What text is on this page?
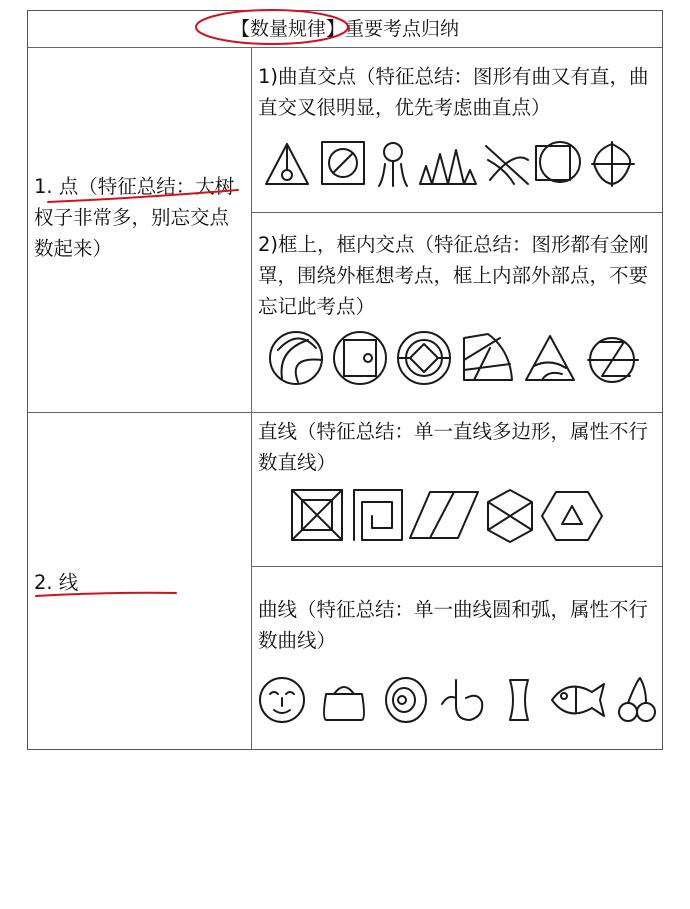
【数量规律】重要考点归纳
1. 点（特征总结：大树杈子非常多，别忘交点数起来）
1)曲直交点（特征总结：图形有曲又有直，曲直交叉很明显，优先考虑曲直点）
2)框上，框内交点（特征总结：图形都有金刚罩，围绕外框想考点，框上内部外部点，不要忘记此考点）
2. 线
直线（特征总结：单一直线多边形，属性不行数直线）
曲线（特征总结：单一曲线圆和弧，属性不行数曲线）
